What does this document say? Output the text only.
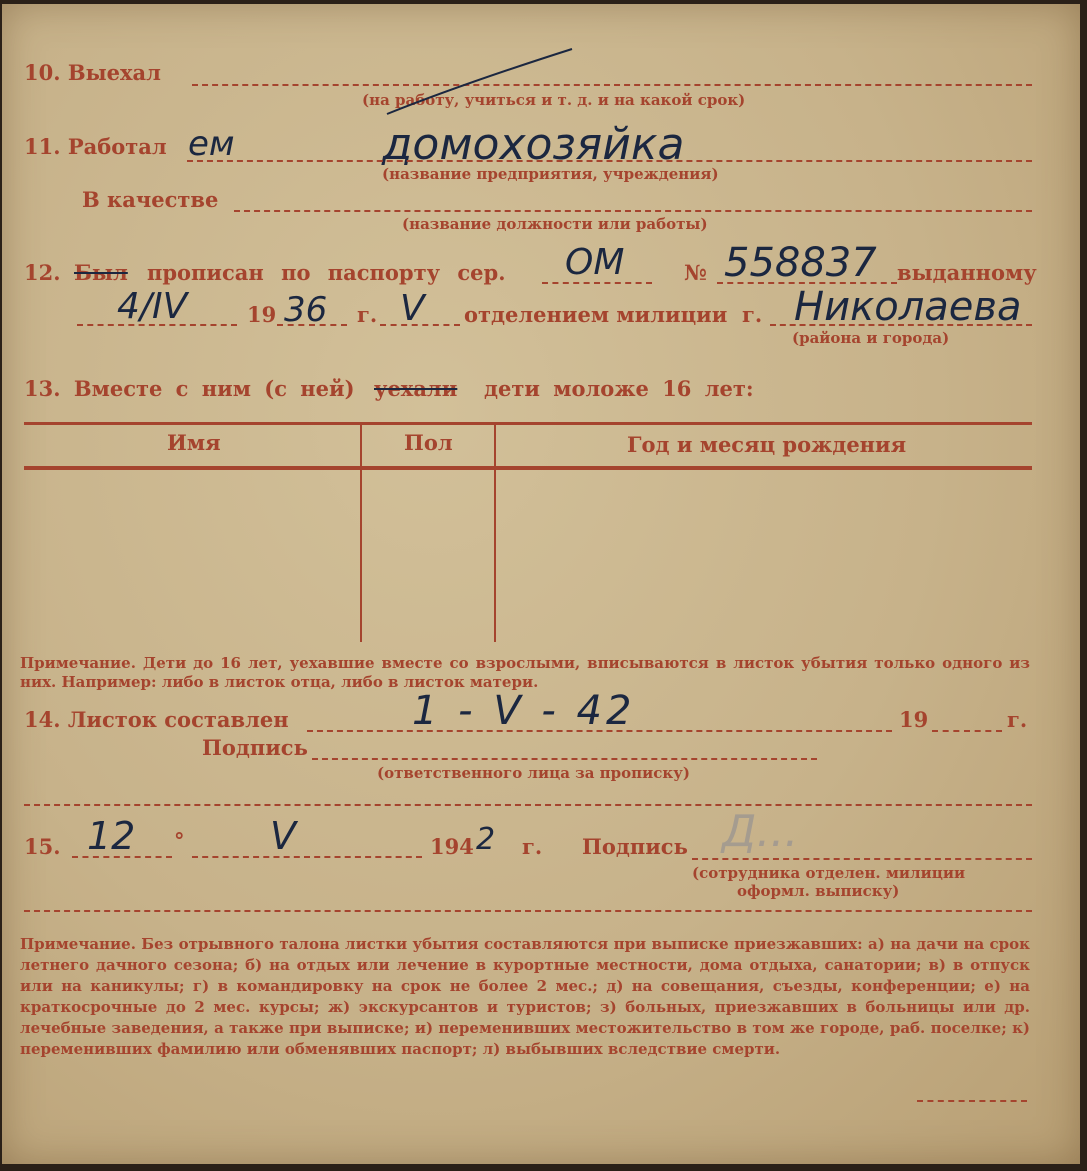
10. Выехал
(на работу, учиться и т. д. и на какой срок)
11. Работал ем	домохозяйка
(название предприятия, учреждения)
В качестве
(название должности или работы)
12. Был прописан по паспорту сер. ОМ	№ 558837 выданному
4/IV	19 36 г. V отделением милиции г. Николаева
(района и города)
13. Вместе с ним (с ней) уехали дети моложе 16 лет:
Имя	Пол	Год и месяц рождения
Примечание. Дети до 16 лет, уехавшие вместе со взрослыми, вписываются в листок убытия только одного из них. Например: либо в листок отца, либо в листок матери.
14. Листок составлен	1 - V - 42	19	г.
Подпись
(ответственного лица за прописку)
15. 12 ° V	194 2 г. Подпись Д...
(сотрудника отделен. милиции
оформл. выписку)
Примечание. Без отрывного талона листки убытия составляются при выписке приезжавших: а) на дачи на срок летнего дачного сезона; б) на отдых или лечение в курортные местности, дома отдыха, санатории; в) в отпуск или на каникулы; г) в командировку на срок не более 2 мес.; д) на совещания, съезды, конференции; е) на краткосрочные до 2 мес. курсы; ж) экскурсантов и туристов; з) больных, приезжавших в больницы или др. лечебные заведения, а также при выписке; и) переменивших местожительство в том же городе, раб. поселке; к) переменивших фамилию или обменявших паспорт; л) выбывших вследствие смерти.
